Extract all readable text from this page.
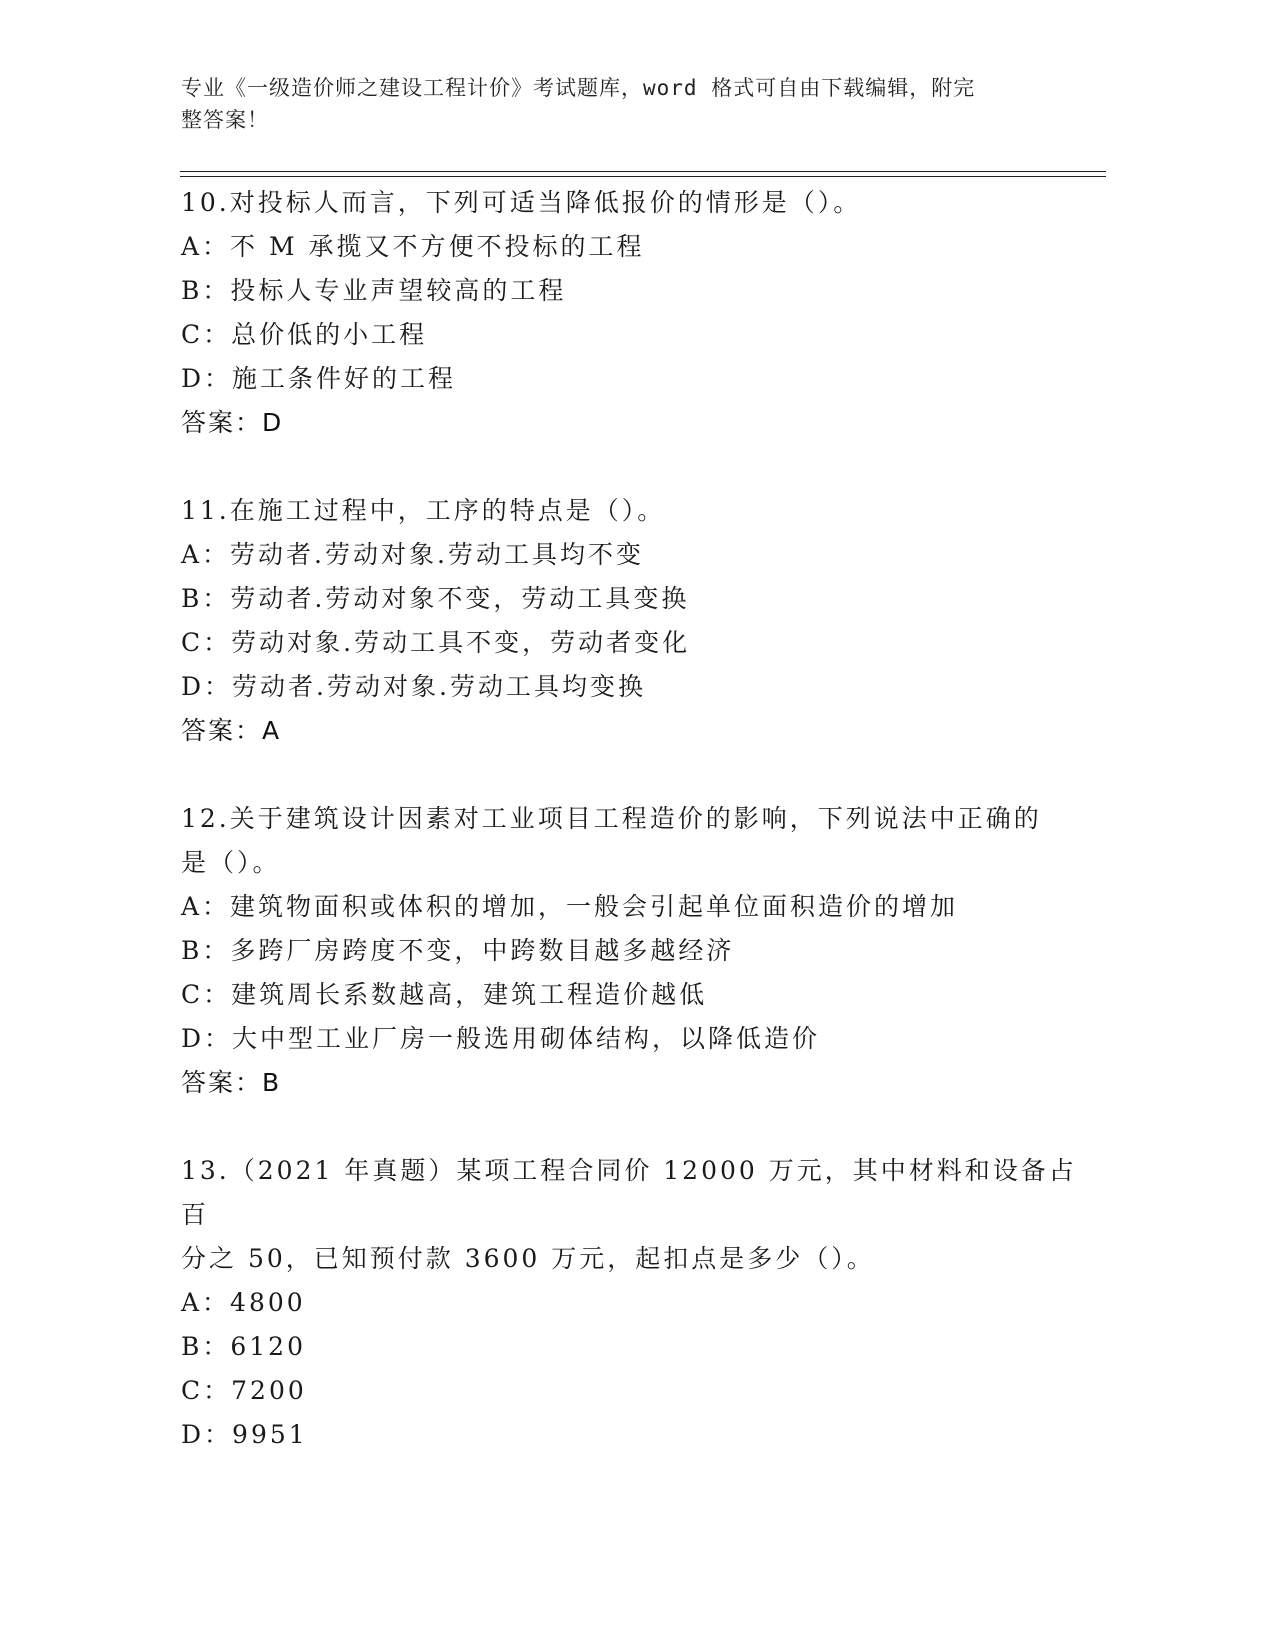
专业《一级造价师之建设工程计价》考试题库，word 格式可自由下载编辑，附完
整答案！
10.对投标人而言，下列可适当降低报价的情形是（）。
A：不 M 承揽又不方便不投标的工程
B：投标人专业声望较高的工程
C：总价低的小工程
D：施工条件好的工程
答案：D
11.在施工过程中，工序的特点是（）。
A：劳动者.劳动对象.劳动工具均不变
B：劳动者.劳动对象不变，劳动工具变换
C：劳动对象.劳动工具不变，劳动者变化
D：劳动者.劳动对象.劳动工具均变换
答案：A
12.关于建筑设计因素对工业项目工程造价的影响，下列说法中正确的
是（）。
A：建筑物面积或体积的增加，一般会引起单位面积造价的增加
B：多跨厂房跨度不变，中跨数目越多越经济
C：建筑周长系数越高，建筑工程造价越低
D：大中型工业厂房一般选用砌体结构，以降低造价
答案：B
13.（2021 年真题）某项工程合同价 12000 万元，其中材料和设备占百
分之 50，已知预付款 3600 万元，起扣点是多少（）。
A：4800
B：6120
C：7200
D：9951
